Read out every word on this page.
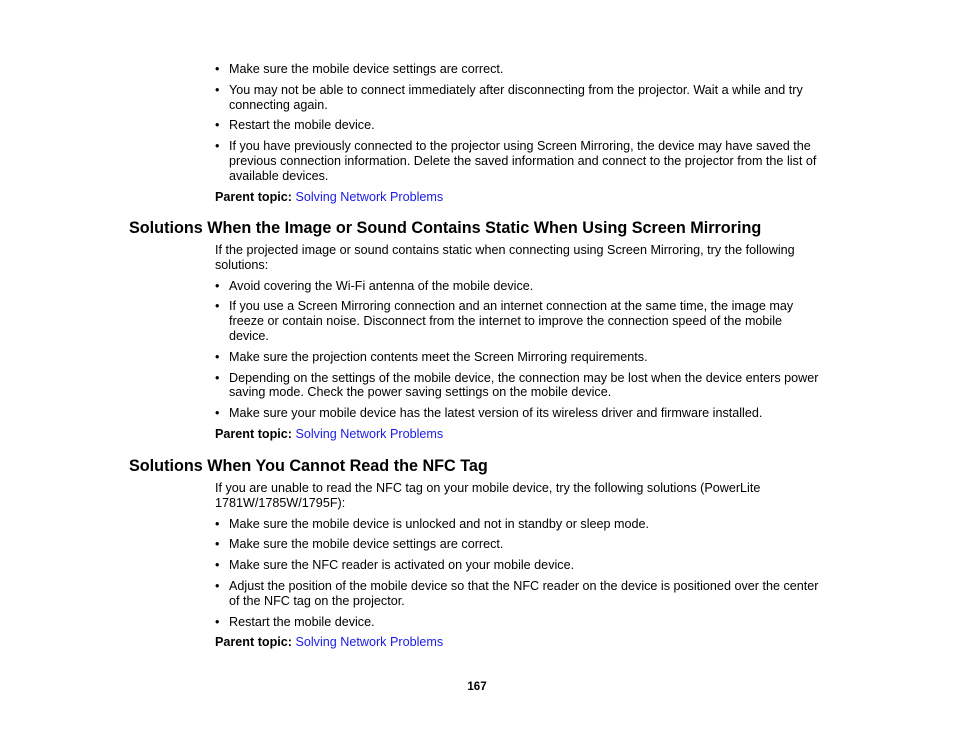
• Make sure the mobile device settings are correct.
• You may not be able to connect immediately after disconnecting from the projector. Wait a while and try connecting again.
• Restart the mobile device.
• If you have previously connected to the projector using Screen Mirroring, the device may have saved the previous connection information. Delete the saved information and connect to the projector from the list of available devices.

Parent topic: Solving Network Problems

Solutions When the Image or Sound Contains Static When Using Screen Mirroring

If the projected image or sound contains static when connecting using Screen Mirroring, try the following solutions:

• Avoid covering the Wi-Fi antenna of the mobile device.
• If you use a Screen Mirroring connection and an internet connection at the same time, the image may freeze or contain noise. Disconnect from the internet to improve the connection speed of the mobile device.
• Make sure the projection contents meet the Screen Mirroring requirements.
• Depending on the settings of the mobile device, the connection may be lost when the device enters power saving mode. Check the power saving settings on the mobile device.
• Make sure your mobile device has the latest version of its wireless driver and firmware installed.

Parent topic: Solving Network Problems

Solutions When You Cannot Read the NFC Tag

If you are unable to read the NFC tag on your mobile device, try the following solutions (PowerLite 1781W/1785W/1795F):

• Make sure the mobile device is unlocked and not in standby or sleep mode.
• Make sure the mobile device settings are correct.
• Make sure the NFC reader is activated on your mobile device.
• Adjust the position of the mobile device so that the NFC reader on the device is positioned over the center of the NFC tag on the projector.
• Restart the mobile device.

Parent topic: Solving Network Problems

167
